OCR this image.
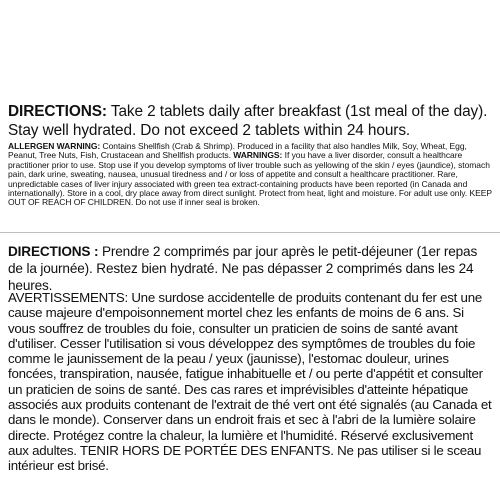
DIRECTIONS: Take 2 tablets daily after breakfast (1st meal of the day). Stay well hydrated. Do not exceed 2 tablets within 24 hours.
ALLERGEN WARNING: Contains Shellfish (Crab & Shrimp). Produced in a facility that also handles Milk, Soy, Wheat, Egg, Peanut, Tree Nuts, Fish, Crustacean and Shellfish products. WARNINGS: If you have a liver disorder, consult a healthcare practitioner prior to use. Stop use if you develop symptoms of liver trouble such as yellowing of the skin / eyes (jaundice), stomach pain, dark urine, sweating, nausea, unusual tiredness and / or loss of appetite and consult a healthcare practitioner. Rare, unpredictable cases of liver injury associated with green tea extract-containing products have been reported (in Canada and internationally). Store in a cool, dry place away from direct sunlight. Protect from heat, light and moisture. For adult use only. KEEP OUT OF REACH OF CHILDREN. Do not use if inner seal is broken.
DIRECTIONS : Prendre 2 comprimés par jour après le petit-déjeuner (1er repas de la journée). Restez bien hydraté. Ne pas dépasser 2 comprimés dans les 24 heures.
AVERTISSEMENTS: Une surdose accidentelle de produits contenant du fer est une cause majeure d'empoisonnement mortel chez les enfants de moins de 6 ans. Si vous souffrez de troubles du foie, consulter un praticien de soins de santé avant d'utiliser. Cesser l'utilisation si vous développez des symptômes de troubles du foie comme le jaunissement de la peau / yeux (jaunisse), l'estomac douleur, urines foncées, transpiration, nausée, fatigue inhabituelle et / ou perte d'appétit et consulter un praticien de soins de santé. Des cas rares et imprévisibles d'atteinte hépatique associés aux produits contenant de l'extrait de thé vert ont été signalés (au Canada et dans le monde). Conserver dans un endroit frais et sec à l'abri de la lumière solaire directe. Protégez contre la chaleur, la lumière et l'humidité. Réservé exclusivement aux adultes. TENIR HORS DE PORTÉE DES ENFANTS. Ne pas utiliser si le sceau intérieur est brisé.
